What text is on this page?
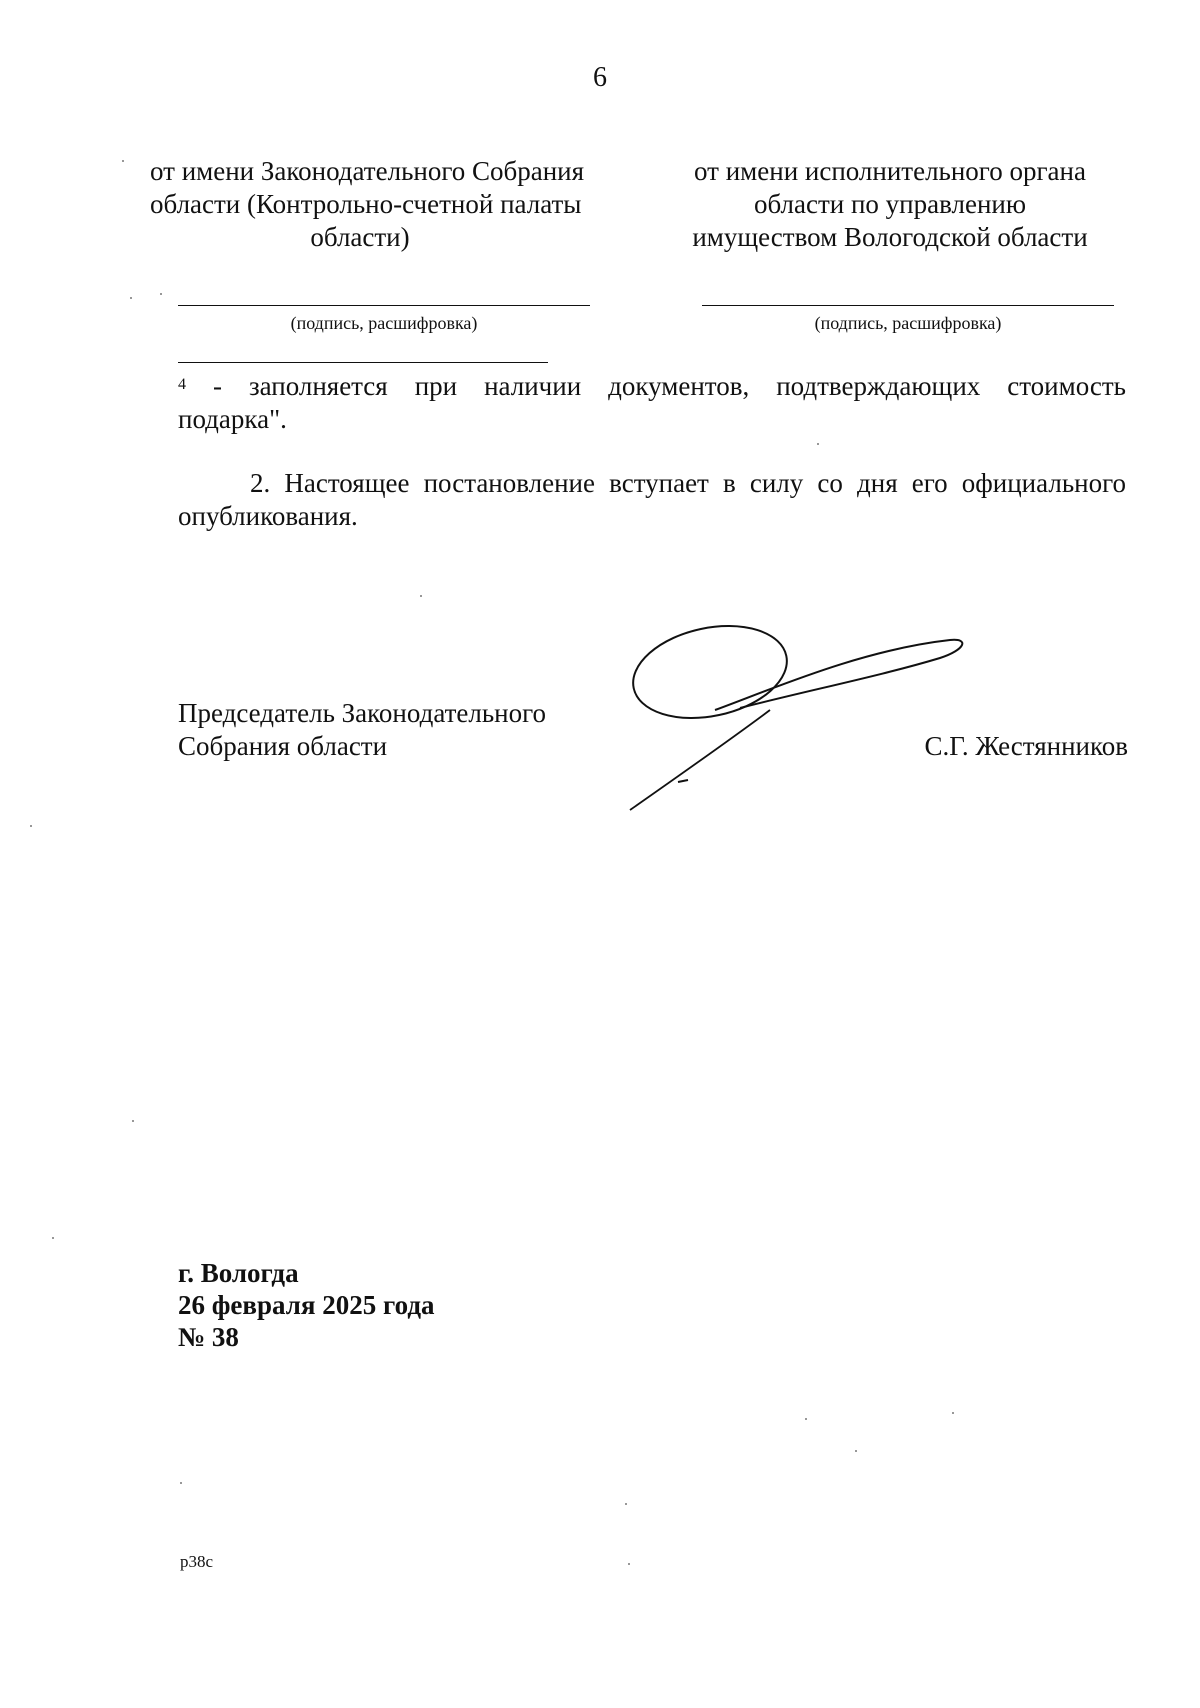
6
от имени Законодательного Собрания
области (Контрольно-счетной палаты
области)
от имени исполнительного органа
области по управлению
имуществом Вологодской области
(подпись, расшифровка)	(подпись, расшифровка)
$^4$ - заполняется при наличии документов, подтверждающих стоимость
подарка".
2. Настоящее постановление вступает в силу со дня его официального
опубликования.
Председатель Законодательного
Собрания области	С.Г. Жестянников
г. Вологда
26 февраля 2025 года
№ 38
р38с
